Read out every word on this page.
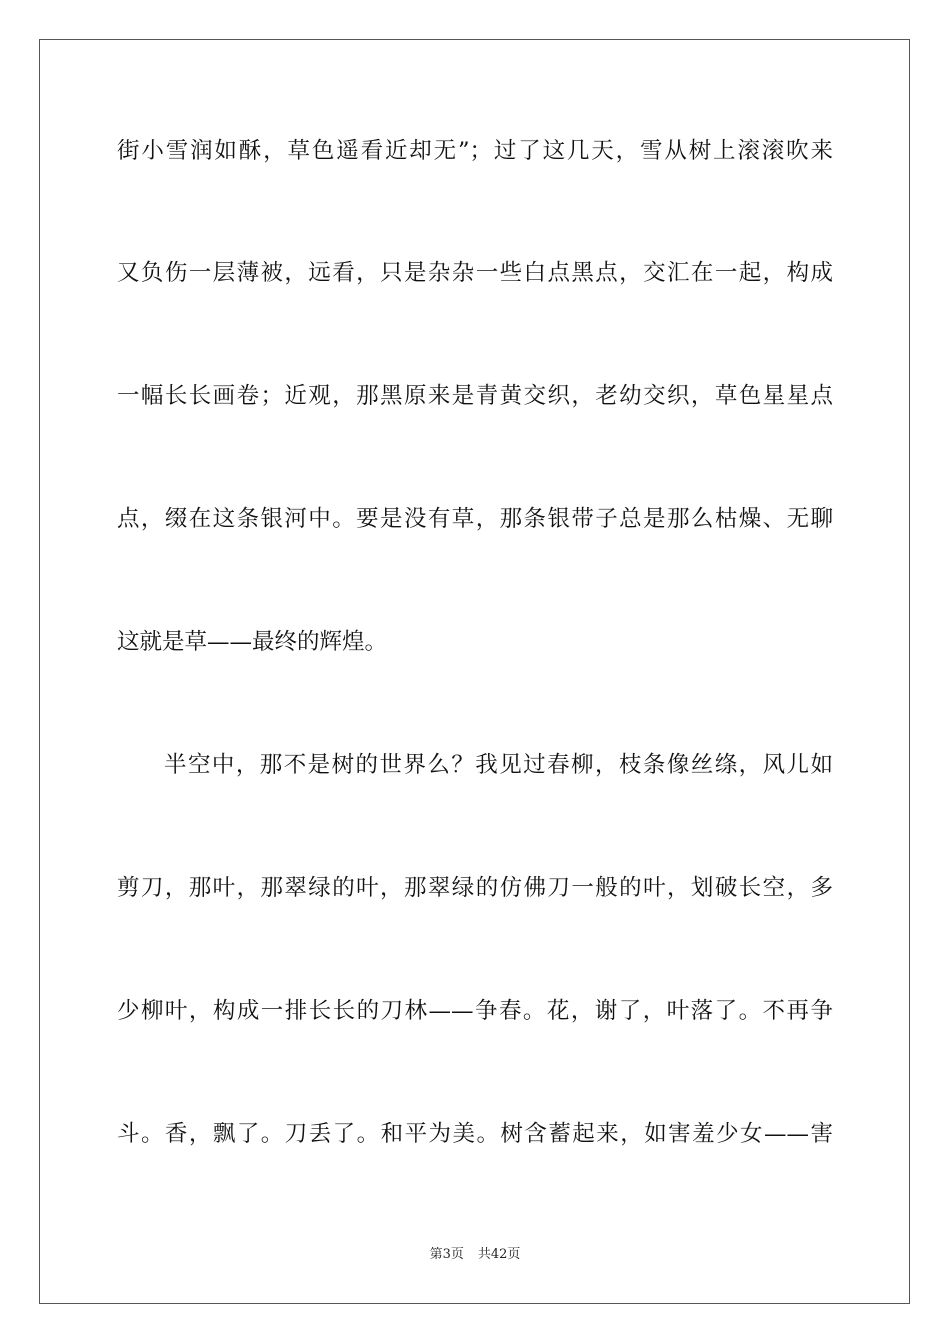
街小雪润如酥，草色遥看近却无”；过了这几天，雪从树上滚滚吹来
又负伤一层薄被，远看，只是杂杂一些白点黑点，交汇在一起，构成
一幅长长画卷；近观，那黑原来是青黄交织，老幼交织，草色星星点
点，缀在这条银河中。要是没有草，那条银带子总是那么枯燥、无聊
这就是草——最终的辉煌。
半空中，那不是树的世界么？我见过春柳，枝条像丝绦，风儿如
剪刀，那叶，那翠绿的叶，那翠绿的仿佛刀一般的叶，划破长空，多
少柳叶，构成一排长长的刀林——争春。花，谢了，叶落了。不再争
斗。香，飘了。刀丢了。和平为美。树含蓄起来，如害羞少女——害
第3页 共42页
